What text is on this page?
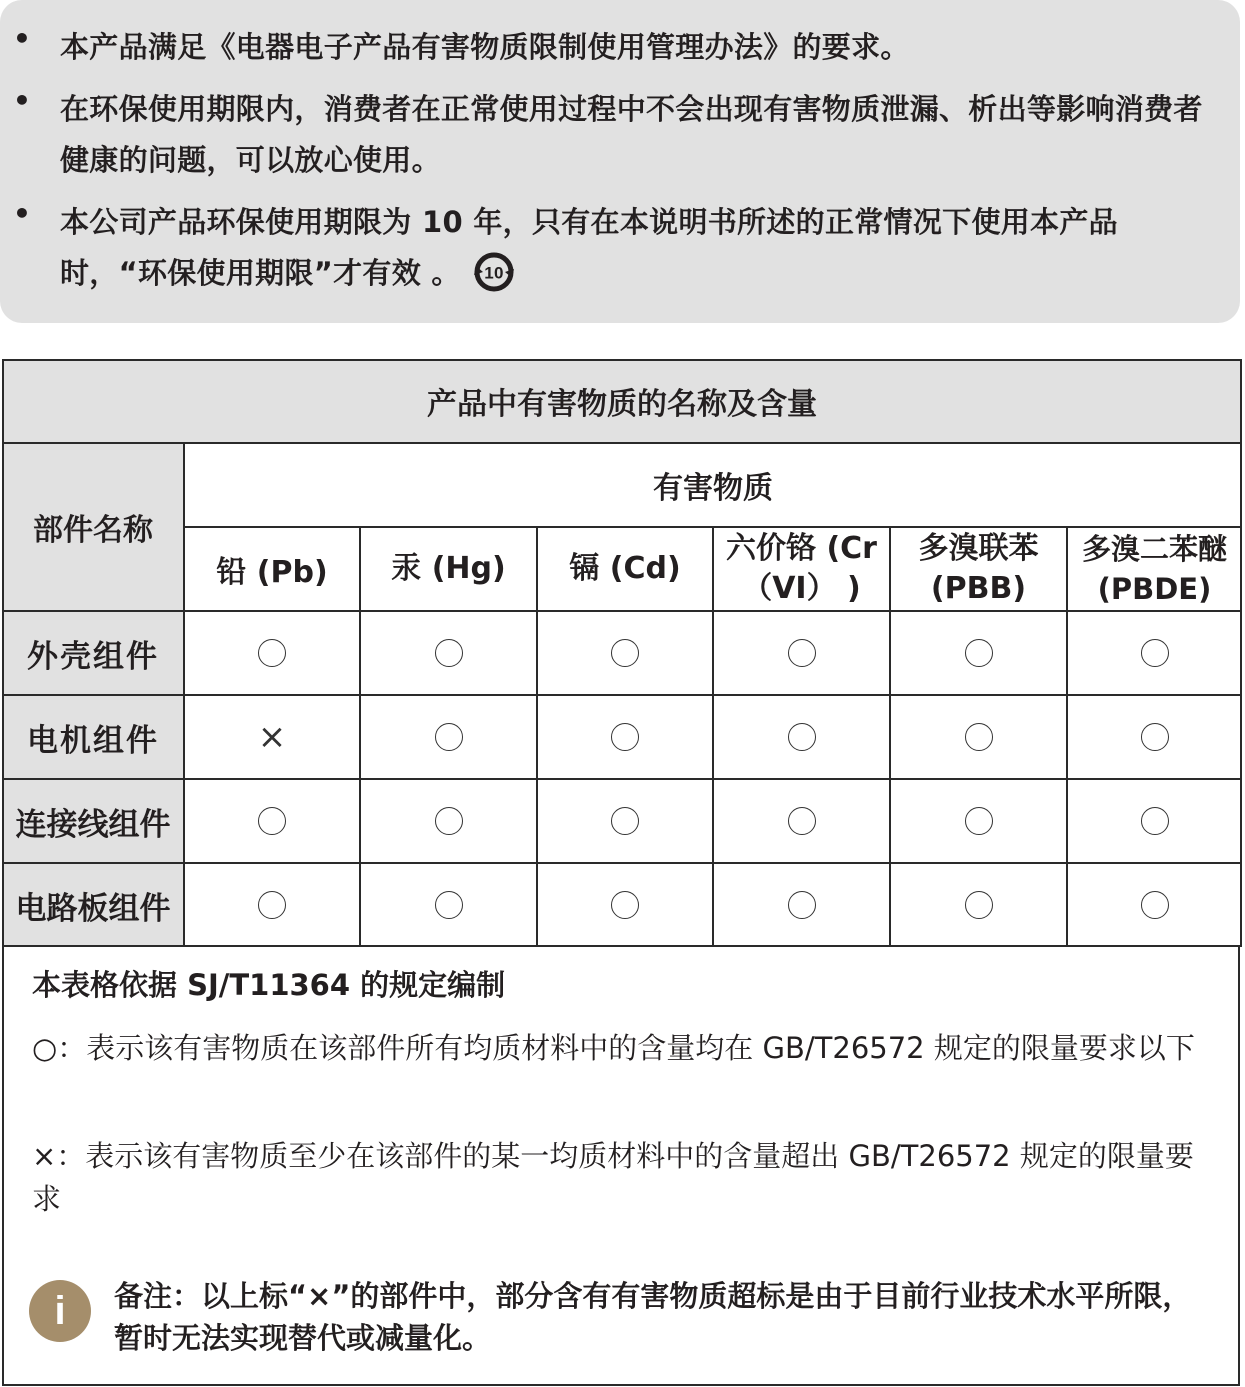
• 本产品满足《电器电子产品有害物质限制使用管理办法》的要求。
• 在环保使用期限内，消费者在正常使用过程中不会出现有害物质泄漏、析出等影响消费者健康的问题，可以放心使用。
• 本公司产品环保使用期限为 10 年，只有在本说明书所述的正常情况下使用本产品时，“环保使用期限”才有效 。 10
产品中有害物质的名称及含量
部件名称
有害物质
铅 (Pb)	汞 (Hg)	镉 (Cd)
六价铬 (Cr（VI） )
多溴联苯 (PBB)
多溴二苯醚 (PBDE)
外壳组件
电机组件
连接线组件
电路板组件
×
本表格依据 SJ/T11364 的规定编制
○：表示该有害物质在该部件所有均质材料中的含量均在 GB/T26572 规定的限量要求以下
×：表示该有害物质至少在该部件的某一均质材料中的含量超出 GB/T26572 规定的限量要求
i 备注：以上标“×”的部件中，部分含有有害物质超标是由于目前行业技术水平所限，暂时无法实现替代或减量化。
